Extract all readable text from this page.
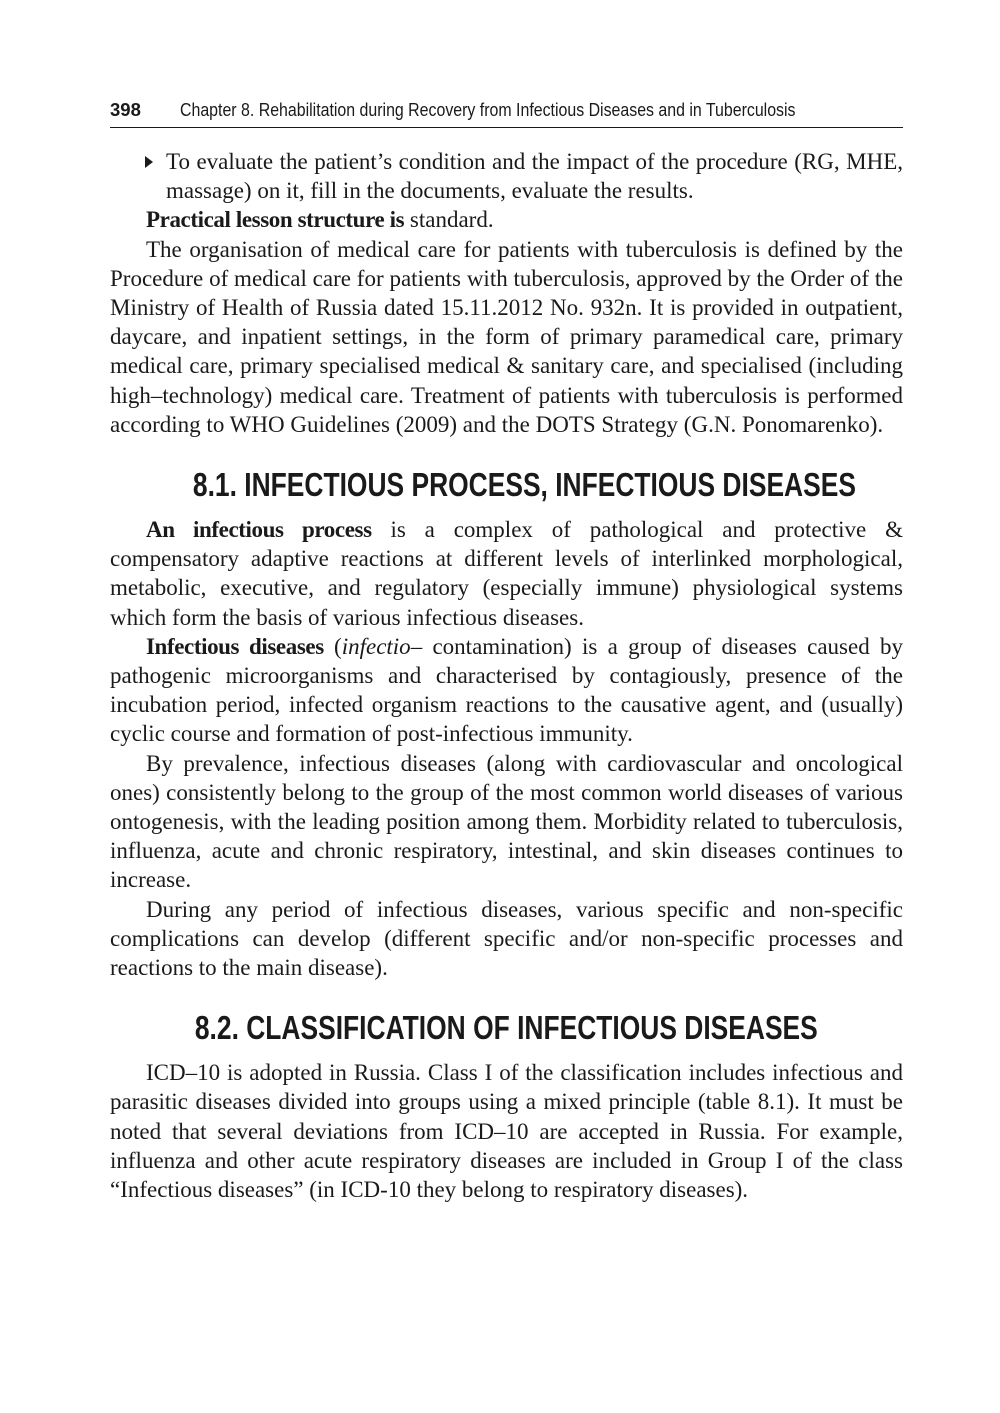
398 Chapter 8. Rehabilitation during Recovery from Infectious Diseases and in Tuberculosis

To evaluate the patient’s condition and the impact of the procedure (RG, MHE, massage) on it, fill in the documents, evaluate the results.

Practical lesson structure is standard.

The organisation of medical care for patients with tuberculosis is defined by the Procedure of medical care for patients with tuberculosis, approved by the Order of the Ministry of Health of Russia dated 15.11.2012 No. 932n. It is provided in outpatient, daycare, and inpatient settings, in the form of primary paramedical care, primary medical care, primary specialised medical & sanitary care, and specialised (including high–technology) medical care. Treatment of patients with tuberculosis is performed according to WHO Guidelines (2009) and the DOTS Strategy (G.N. Ponomarenko).

8.1. INFECTIOUS PROCESS, INFECTIOUS DISEASES

An infectious process is a complex of pathological and protective & compensatory adaptive reactions at different levels of interlinked morphological, metabolic, executive, and regulatory (especially immune) physiological systems which form the basis of various infectious diseases.

Infectious diseases (infectio– contamination) is a group of diseases caused by pathogenic microorganisms and characterised by contagiously, presence of the incubation period, infected organism reactions to the causative agent, and (usually) cyclic course and formation of post-infectious immunity.

By prevalence, infectious diseases (along with cardiovascular and oncological ones) consistently belong to the group of the most common world diseases of various ontogenesis, with the leading position among them. Morbidity related to tuberculosis, influenza, acute and chronic respiratory, intestinal, and skin diseases continues to increase.

During any period of infectious diseases, various specific and non-specific complications can develop (different specific and/or non-specific processes and reactions to the main disease).

8.2. CLASSIFICATION OF INFECTIOUS DISEASES

ICD–10 is adopted in Russia. Class I of the classification includes infectious and parasitic diseases divided into groups using a mixed principle (table 8.1). It must be noted that several deviations from ICD–10 are accepted in Russia. For example, influenza and other acute respiratory diseases are included in Group I of the class “Infectious diseases” (in ICD-10 they belong to respiratory diseases).
